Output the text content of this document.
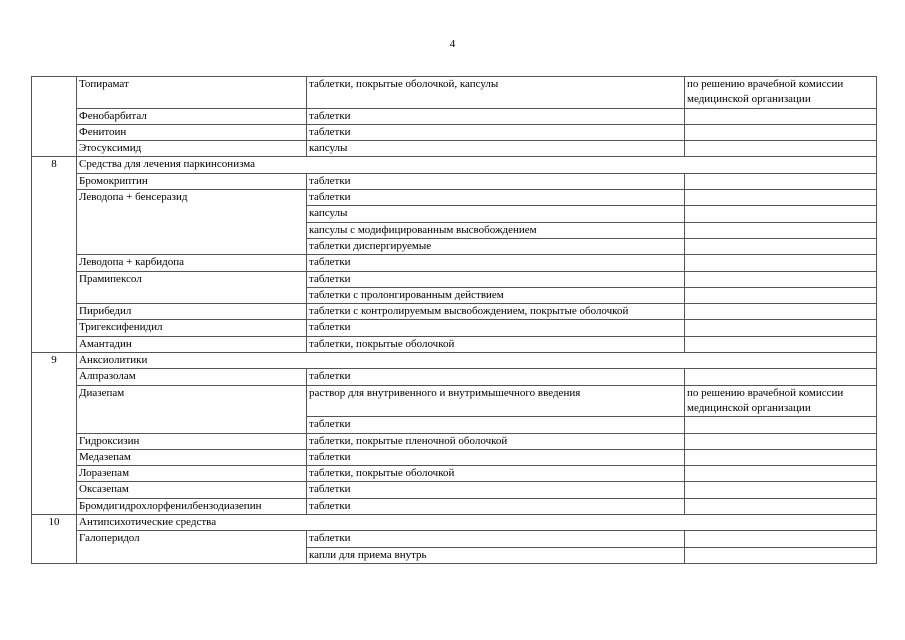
4
	Топирамат	таблетки, покрытые оболочкой, капсулы	по решению врачебной комиссии медицинской организации
	Фенобарбитал	таблетки	
	Фенитоин	таблетки	
	Этосуксимид	капсулы	
8	Средства для лечения паркинсонизма		
	Бромокриптин	таблетки	
	Леводопа + бенсеразид	таблетки	
		капсулы	
		капсулы с модифицированным высвобождением	
		таблетки диспергируемые	
	Леводопа + карбидопа	таблетки	
	Прамипексол	таблетки	
		таблетки с пролонгированным действием	
	Пирибедил	таблетки с контролируемым высвобождением, покрытые оболочкой	
	Тригексифенидил	таблетки	
	Амантадин	таблетки, покрытые оболочкой	
9	Анксиолитики		
	Алпразолам	таблетки	
	Диазепам	раствор для внутривенного и внутримышечного введения	по решению врачебной комиссии медицинской организации
		таблетки	
	Гидроксизин	таблетки, покрытые пленочной оболочкой	
	Медазепам	таблетки	
	Лоразепам	таблетки, покрытые оболочкой	
	Оксазепам	таблетки	
	Бромдигидрохлорфенилбензодиазепин	таблетки	
10	Антипсихотические средства		
	Галоперидол	таблетки	
		капли для приема внутрь	
